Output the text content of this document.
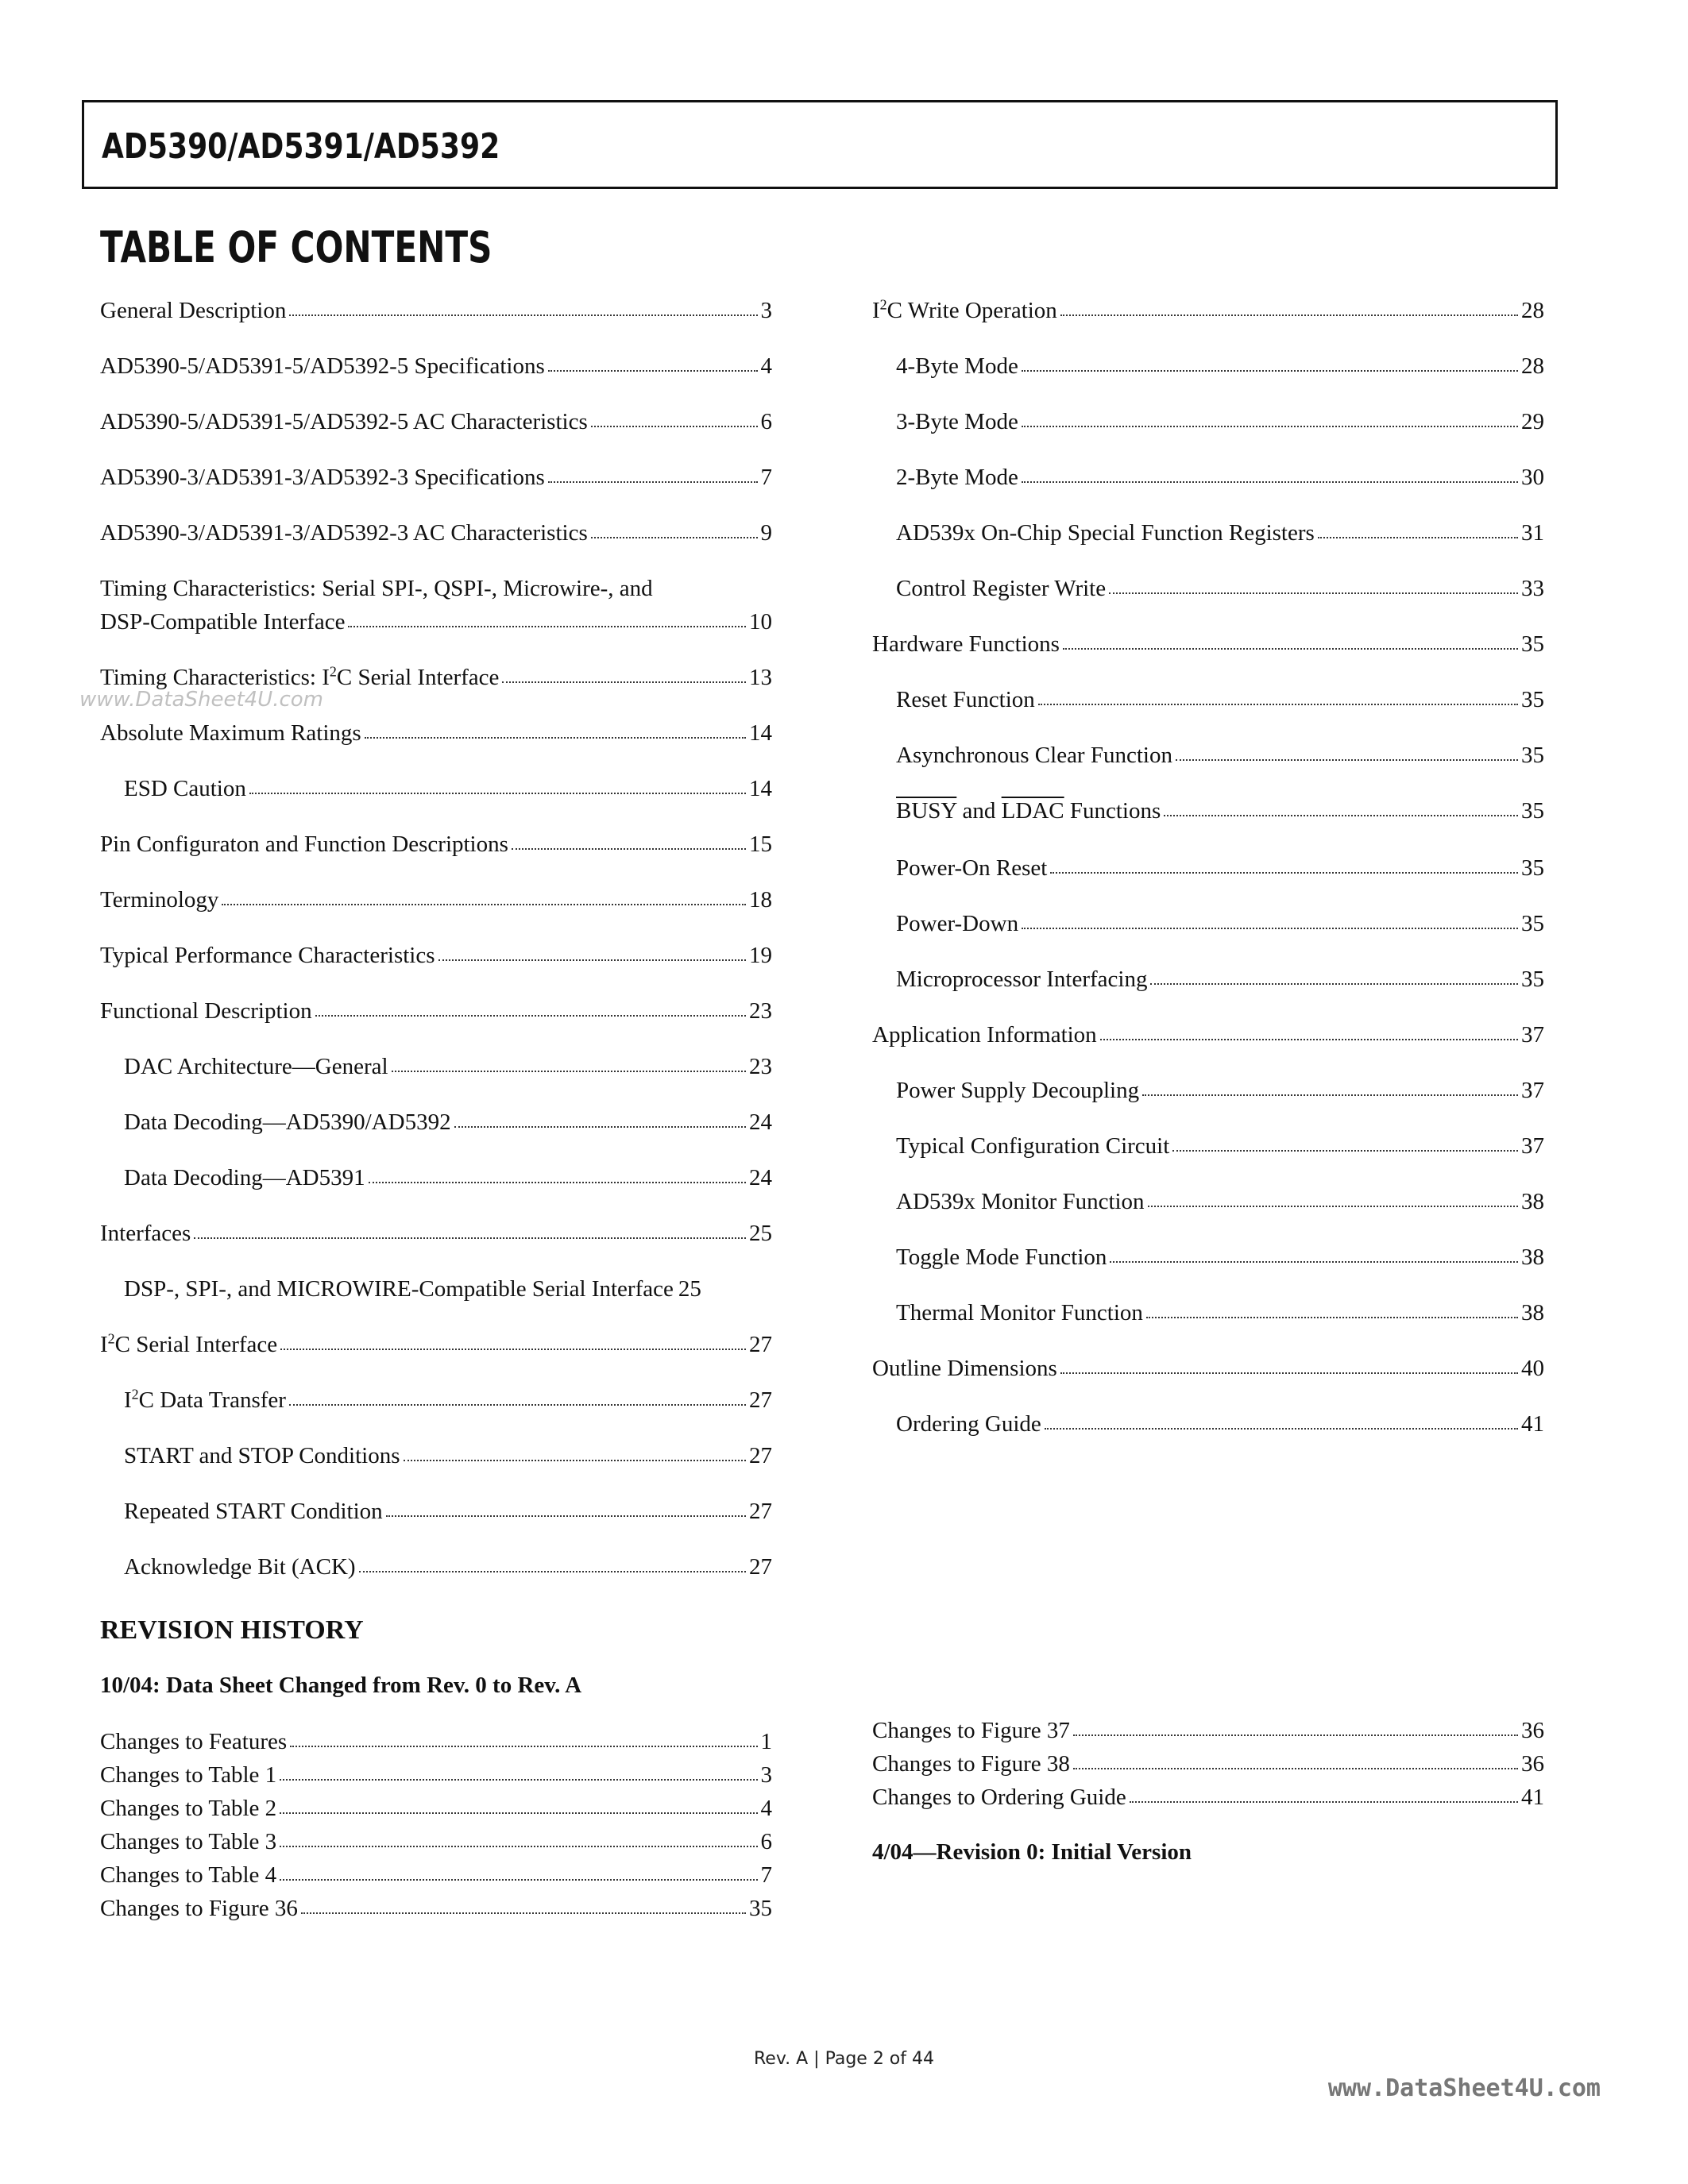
AD5390/AD5391/AD5392
TABLE OF CONTENTS
General Description	3
AD5390-5/AD5391-5/AD5392-5 Specifications	4
AD5390-5/AD5391-5/AD5392-5 AC Characteristics	6
AD5390-3/AD5391-3/AD5392-3 Specifications	7
AD5390-3/AD5391-3/AD5392-3 AC Characteristics	9
Timing Characteristics: Serial SPI-, QSPI-, Microwire-, and
DSP-Compatible Interface	10
Timing Characteristics: $I^2C$ Serial Interface	13
Absolute Maximum Ratings	14
ESD Caution	14
Pin Configuraton and Function Descriptions	15
Terminology	18
Typical Performance Characteristics	19
Functional Description	23
DAC Architecture—General	23
Data Decoding—AD5390/AD5392	24
Data Decoding—AD5391	24
Interfaces	25
DSP-, SPI-, and MICROWIRE-Compatible Serial Interface 25
$I^2C$ Serial Interface	27
$I^2C$ Data Transfer	27
START and STOP Conditions	27
Repeated START Condition	27
Acknowledge Bit (ACK)	27
www.DataSheet4U.com
$I^2C$ Write Operation	28
4-Byte Mode	28
3-Byte Mode	29
2-Byte Mode	30
AD539x On-Chip Special Function Registers	31
Control Register Write	33
Hardware Functions	35
Reset Function	35
Asynchronous Clear Function	35
BUSY and LDAC Functions	35
Power-On Reset	35
Power-Down	35
Microprocessor Interfacing	35
Application Information	37
Power Supply Decoupling	37
Typical Configuration Circuit	37
AD539x Monitor Function	38
Toggle Mode Function	38
Thermal Monitor Function	38
Outline Dimensions	40
Ordering Guide	41
REVISION HISTORY
10/04: Data Sheet Changed from Rev. 0 to Rev. A
Changes to Features	1
Changes to Table 1	3
Changes to Table 2	4
Changes to Table 3	6
Changes to Table 4	7
Changes to Figure 36	35
Changes to Figure 37	36
Changes to Figure 38	36
Changes to Ordering Guide	41
4/04—Revision 0: Initial Version
Rev. A | Page 2 of 44
www.DataSheet4U.com
